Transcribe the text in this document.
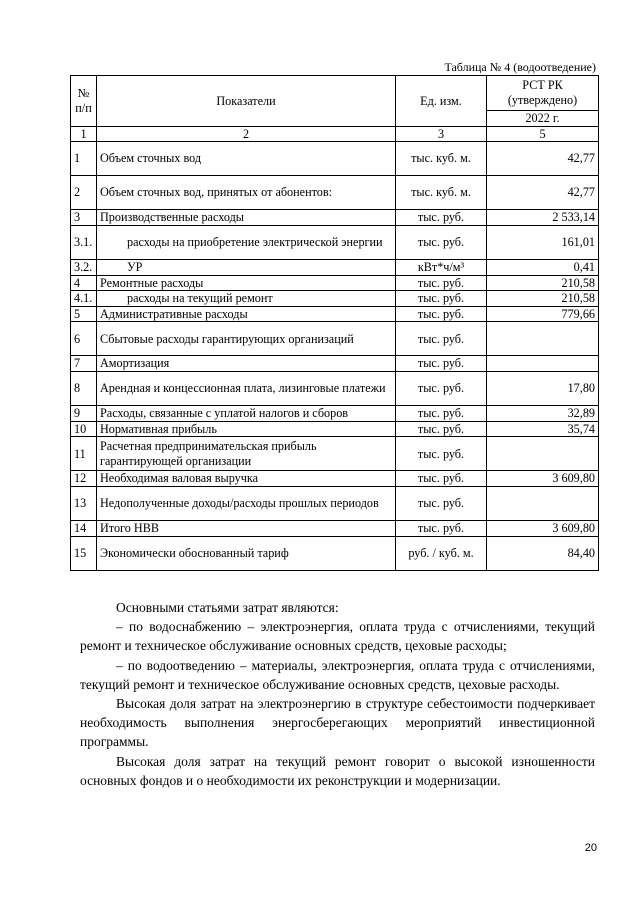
Таблица № 4 (водоотведение)
№ п/п	Показатели	Ед. изм.	РСТ РК (утверждено)
			2022 г.
1	2	3	5
1	Объем сточных вод	тыс. куб. м.	42,77
2	Объем сточных вод, принятых от абонентов:	тыс. куб. м.	42,77
3	Производственные расходы	тыс. руб.	2 533,14
3.1.	расходы на приобретение электрической энергии	тыс. руб.	161,01
3.2.	УР	кВт*ч/м³	0,41
4	Ремонтные расходы	тыс. руб.	210,58
4.1.	расходы на текущий ремонт	тыс. руб.	210,58
5	Административные расходы	тыс. руб.	779,66
6	Сбытовые расходы гарантирующих организаций	тыс. руб.	
7	Амортизация	тыс. руб.	
8	Арендная и концессионная плата, лизинговые платежи	тыс. руб.	17,80
9	Расходы, связанные с уплатой налогов и сборов	тыс. руб.	32,89
10	Нормативная прибыль	тыс. руб.	35,74
11	Расчетная предпринимательская прибыль гарантирующей организации	тыс. руб.	
12	Необходимая валовая выручка	тыс. руб.	3 609,80
13	Недополученные доходы/расходы прошлых периодов	тыс. руб.	
14	Итого НВВ	тыс. руб.	3 609,80
15	Экономически обоснованный тариф	руб. / куб. м.	84,40

Основными статьями затрат являются:

– по водоснабжению – электроэнергия, оплата труда с отчислениями, текущий ремонт и техническое обслуживание основных средств, цеховые расходы;

– по водоотведению – материалы, электроэнергия, оплата труда с отчислениями, текущий ремонт и техническое обслуживание основных средств, цеховые расходы.

Высокая доля затрат на электроэнергию в структуре себестоимости подчеркивает необходимость выполнения энергосберегающих мероприятий инвестиционной программы.

Высокая доля затрат на текущий ремонт говорит о высокой изношенности основных фондов и о необходимости их реконструкции и модернизации.

20
